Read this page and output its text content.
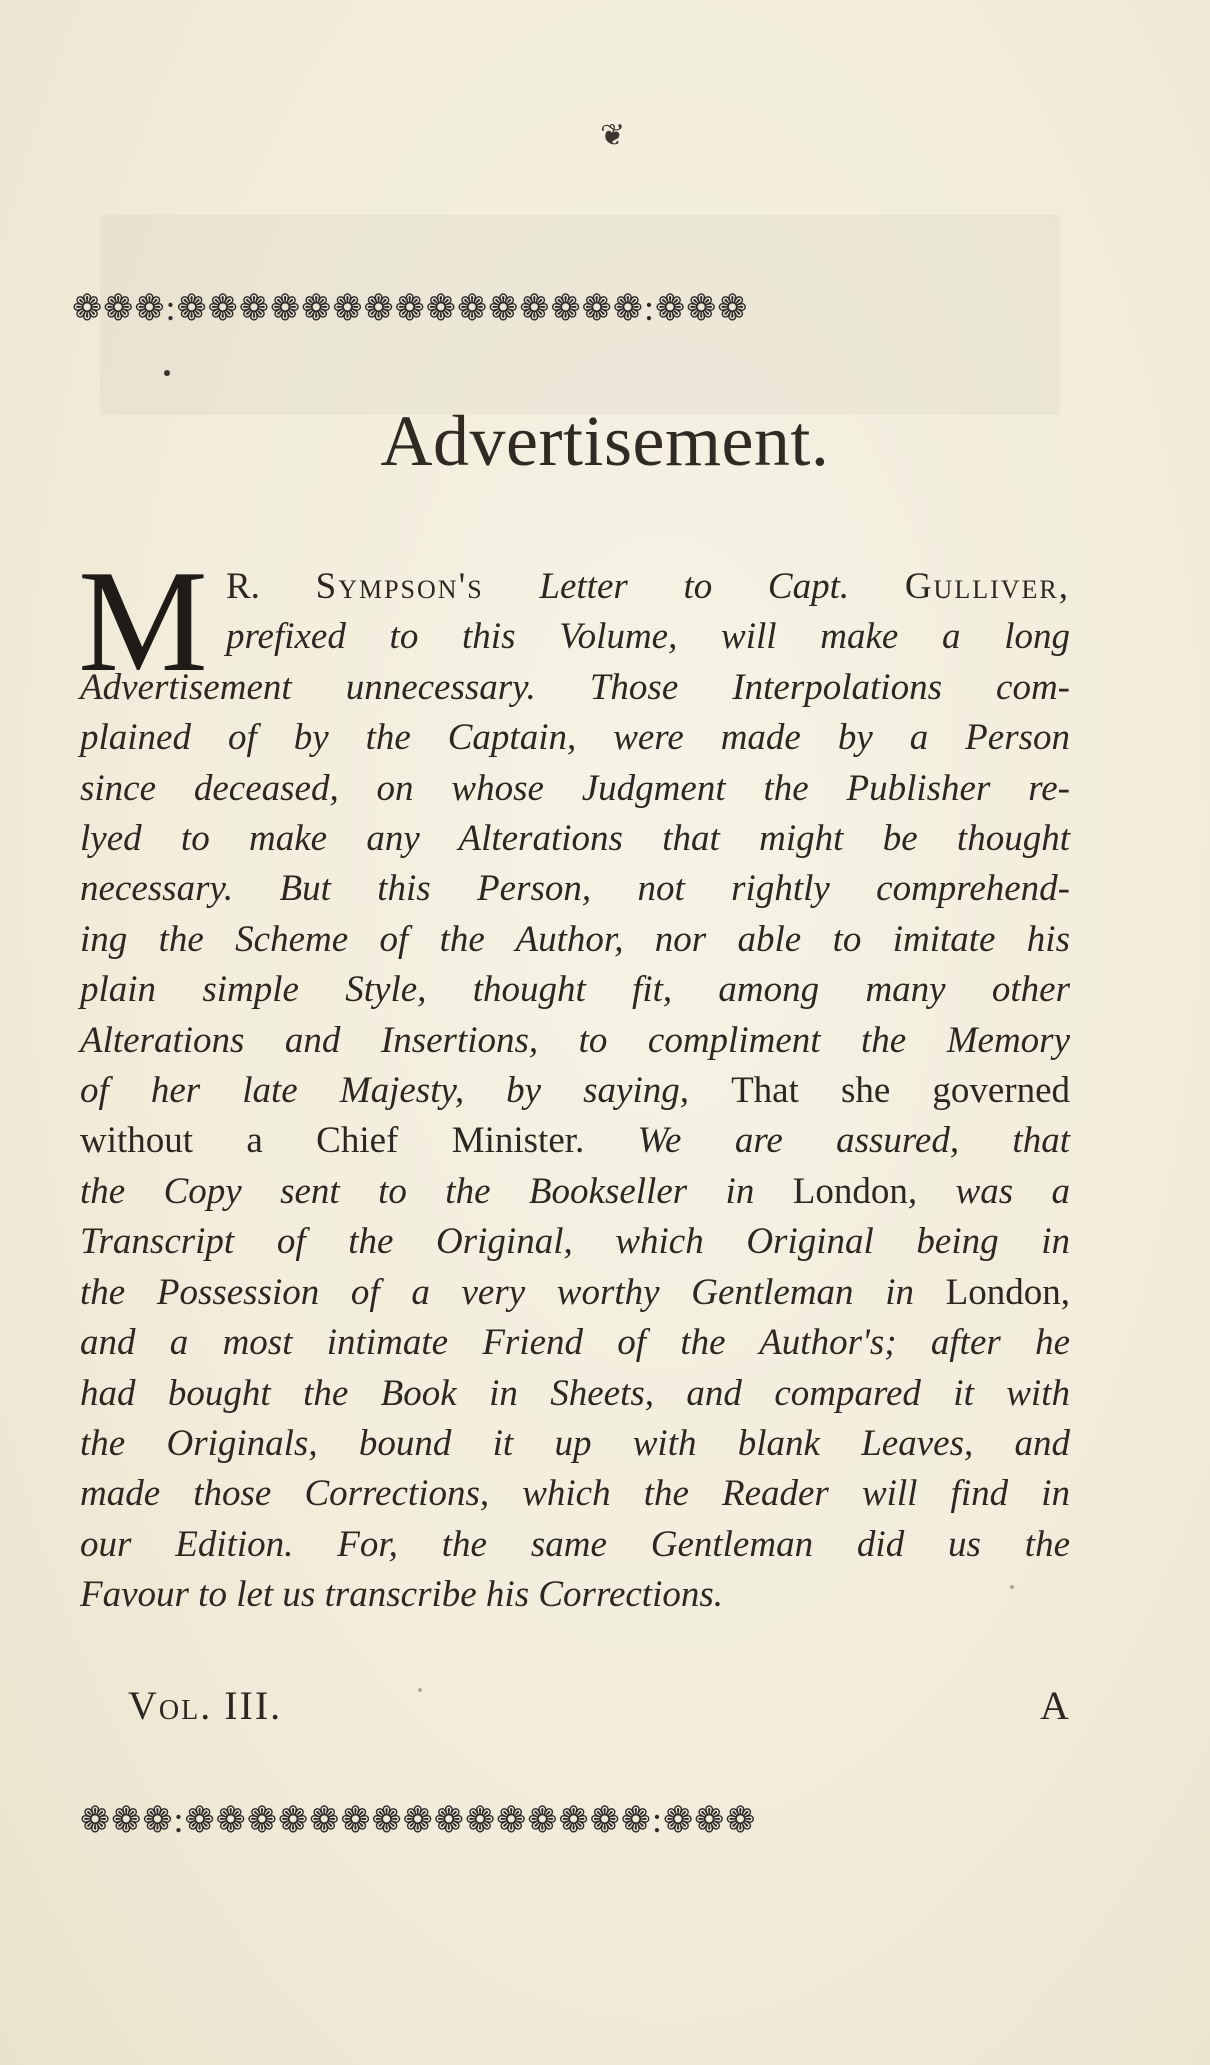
❦
❁❁❁:❁❁❁❁❁❁❁❁❁❁❁❁❁❁❁:❁❁❁
Advertisement.
M R. Sympson's Letter to Capt. Gulliver,
prefixed to this Volume, will make a long
Advertisement unnecessary. Those Interpolations com-
plained of by the Captain, were made by a Person
since deceased, on whose Judgment the Publisher re-
lyed to make any Alterations that might be thought
necessary. But this Person, not rightly comprehend-
ing the Scheme of the Author, nor able to imitate his
plain simple Style, thought fit, among many other
Alterations and Insertions, to compliment the Memory
of her late Majesty, by saying, That she governed
without a Chief Minister. We are assured, that
the Copy sent to the Bookseller in London, was a
Transcript of the Original, which Original being in
the Possession of a very worthy Gentleman in London,
and a most intimate Friend of the Author's; after he
had bought the Book in Sheets, and compared it with
the Originals, bound it up with blank Leaves, and
made those Corrections, which the Reader will find in
our Edition. For, the same Gentleman did us the
Favour to let us transcribe his Corrections.
Vol. III.	A
❁❁❁:❁❁❁❁❁❁❁❁❁❁❁❁❁❁❁:❁❁❁
